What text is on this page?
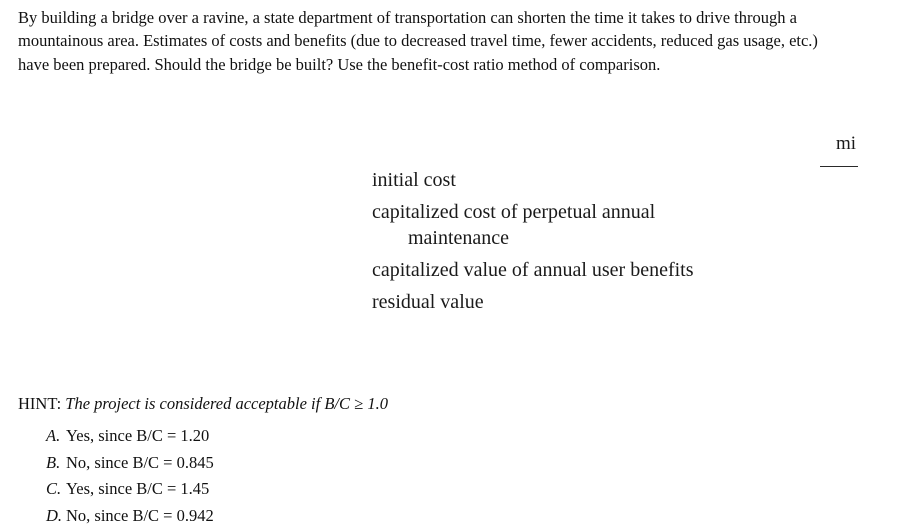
By building a bridge over a ravine, a state department of transportation can shorten the time it takes to drive through a mountainous area. Estimates of costs and benefits (due to decreased travel time, fewer accidents, reduced gas usage, etc.) have been prepared. Should the bridge be built? Use the benefit-cost ratio method of comparison.

mi
initial cost
capitalized cost of perpetual annual
maintenance
capitalized value of annual user benefits
residual value
HINT: The project is considered acceptable if B/C ≥ 1.0
A. Yes, since B/C = 1.20
B. No, since B/C = 0.845
C. Yes, since B/C = 1.45
D. No, since B/C = 0.942
